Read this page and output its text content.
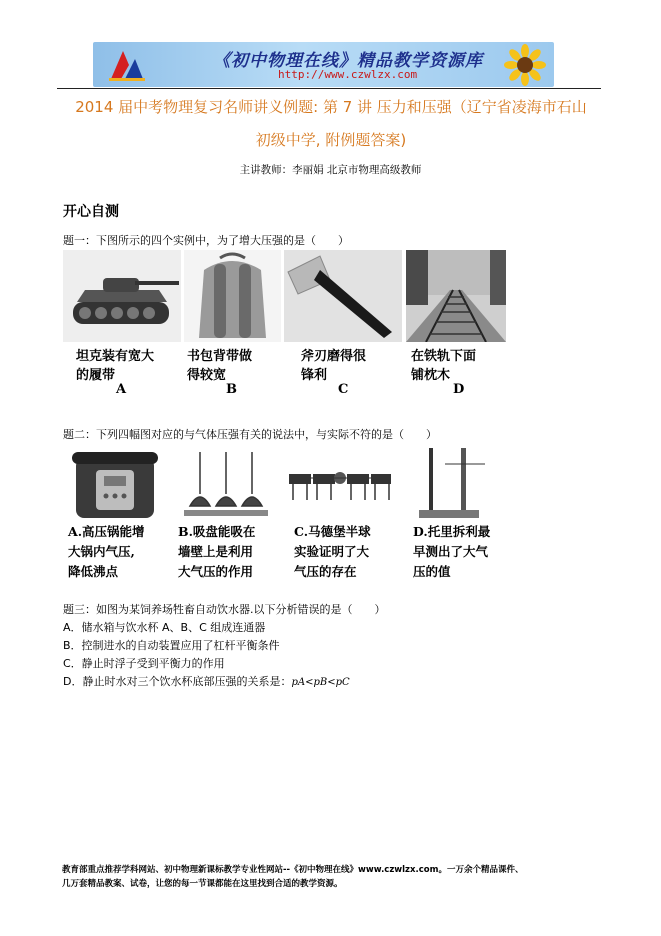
《初中物理在线》精品教学资源库
http://www.czwlzx.com
2014 届中考物理复习名师讲义例题: 第 7 讲 压力和压强（辽宁省凌海市石山
初级中学, 附例题答案)
主讲教师：李丽娟 北京市物理高级教师
开心自测
题一：下图所示的四个实例中，为了增大压强的是（　　）
坦克装有宽大
的履带
书包背带做
得较宽
斧刃磨得很
锋利
在铁轨下面
铺枕木
A	B	C	D
题二：下列四幅图对应的与气体压强有关的说法中，与实际不符的是（　　）
A.高压锅能增
大锅内气压,
降低沸点
B.吸盘能吸在
墙壁上是利用
大气压的作用
C.马德堡半球
实验证明了大
气压的存在
D.托里拆利最
早测出了大气
压的值
题三：如图为某饲养场牲畜自动饮水器.以下分析错误的是（　　）
A．储水箱与饮水杯 A、B、C 组成连通器
B．控制进水的自动装置应用了杠杆平衡条件
C．静止时浮子受到平衡力的作用
D．静止时水对三个饮水杯底部压强的关系是：pA<pB<pC
教育部重点推荐学科网站、初中物理新课标教学专业性网站--《初中物理在线》www.czwlzx.com。一万余个精品课件、
几万套精品教案、试卷，让您的每一节课都能在这里找到合适的教学资源。
